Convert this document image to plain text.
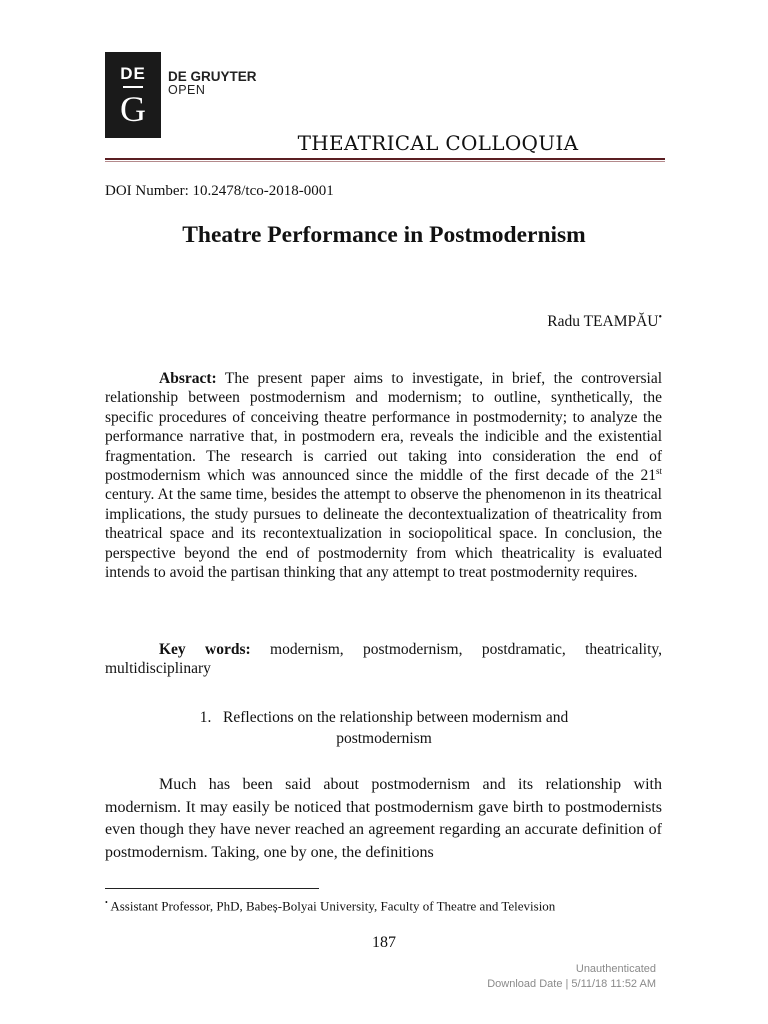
DE
G
DE GRUYTER
OPEN
THEATRICAL COLLOQUIA
DOI Number: 10.2478/tco-2018-0001
Theatre Performance in Postmodernism
Radu TEAMPĂU•

Absract: The present paper aims to investigate, in brief, the controversial relationship between postmodernism and modernism; to outline, synthetically, the specific procedures of conceiving theatre performance in postmodernity; to analyze the performance narrative that, in postmodern era, reveals the indicible and the existential fragmentation. The research is carried out taking into consideration the end of postmodernism which was announced since the middle of the first decade of the 21st century. At the same time, besides the attempt to observe the phenomenon in its theatrical implications, the study pursues to delineate the decontextualization of theatricality from theatrical space and its recontextualization in sociopolitical space. In conclusion, the perspective beyond the end of postmodernity from which theatricality is evaluated intends to avoid the partisan thinking that any attempt to treat postmodernity requires.

Key words: modernism, postmodernism, postdramatic, theatricality, multidisciplinary

1. Reflections on the relationship between modernism and
postmodernism

Much has been said about postmodernism and its relationship with modernism. It may easily be noticed that postmodernism gave birth to postmodernists even though they have never reached an agreement regarding an accurate definition of postmodernism. Taking, one by one, the definitions

• Assistant Professor, PhD, Babeș-Bolyai University, Faculty of Theatre and Television
187
Unauthenticated
Download Date | 5/11/18 11:52 AM
